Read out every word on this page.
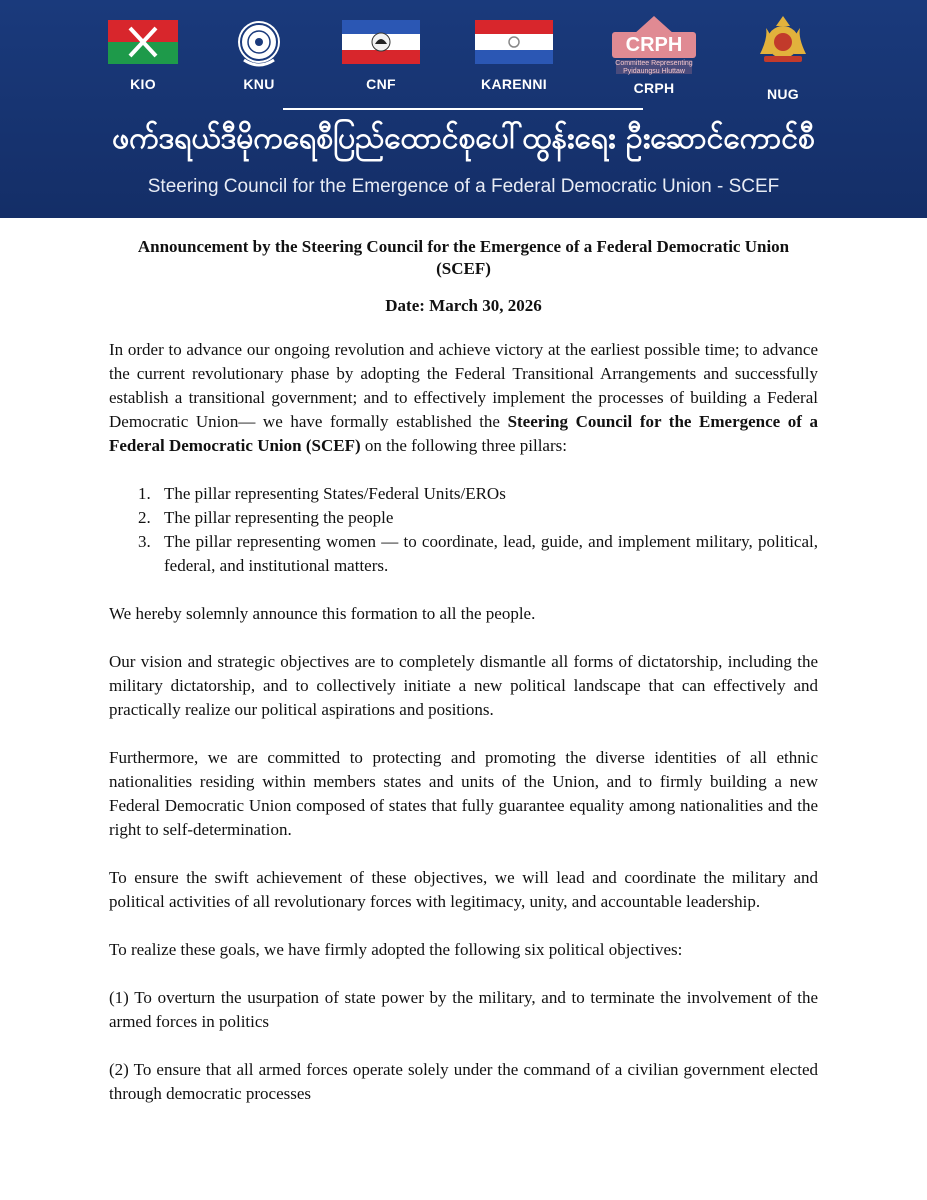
KIO	KNU	CNF	KARENNI
CRPH
Committee Representing Pyidaungsu Hluttaw
CRPH	NUG
ဖက်ဒရယ်ဒီမိုကရေစီပြည်ထောင်စုပေါ်ထွန်းရေး ဦးဆောင်ကောင်စီ
Steering Council for the Emergence of a Federal Democratic Union - SCEF
Announcement by the Steering Council for the Emergence of a Federal Democratic Union (SCEF)
Date: March 30, 2026

In order to advance our ongoing revolution and achieve victory at the earliest possible time; to advance the current revolutionary phase by adopting the Federal Transitional Arrangements and successfully establish a transitional government; and to effectively implement the processes of building a Federal Democratic Union— we have formally established the Steering Council for the Emergence of a Federal Democratic Union (SCEF) on the following three pillars:

1. The pillar representing States/Federal Units/EROs
2. The pillar representing the people
3. The pillar representing women — to coordinate, lead, guide, and implement military, political, federal, and institutional matters.

We hereby solemnly announce this formation to all the people.

Our vision and strategic objectives are to completely dismantle all forms of dictatorship, including the military dictatorship, and to collectively initiate a new political landscape that can effectively and practically realize our political aspirations and positions.

Furthermore, we are committed to protecting and promoting the diverse identities of all ethnic nationalities residing within members states and units of the Union, and to firmly building a new Federal Democratic Union composed of states that fully guarantee equality among nationalities and the right to self-determination.

To ensure the swift achievement of these objectives, we will lead and coordinate the military and political activities of all revolutionary forces with legitimacy, unity, and accountable leadership.

To realize these goals, we have firmly adopted the following six political objectives:

(1) To overturn the usurpation of state power by the military, and to terminate the involvement of the armed forces in politics

(2) To ensure that all armed forces operate solely under the command of a civilian government elected through democratic processes
